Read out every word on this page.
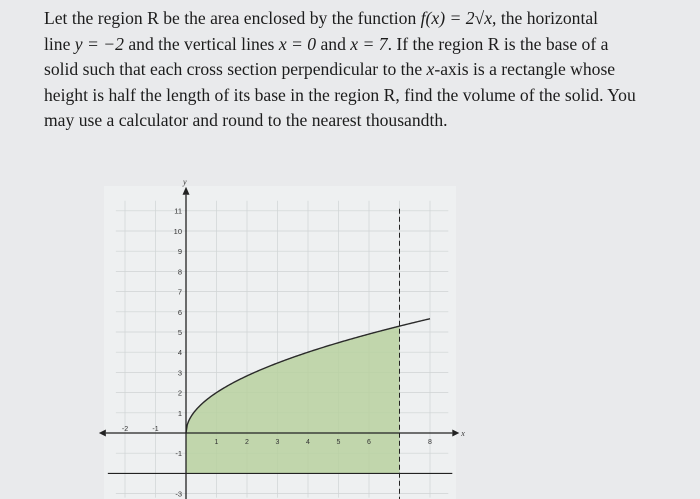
Let the region R be the area enclosed by the function f(x) = 2√x, the horizontal
line y = −2 and the vertical lines x = 0 and x = 7. If the region R is the base of a
solid such that each cross section perpendicular to the x-axis is a rectangle whose
height is half the length of its base in the region R, find the volume of the solid. You
may use a calculator and round to the nearest thousandth.
-2	-1
1	2	3	4	5	6	8
10
9
8
7
6
5
4
3
2
1
-1
-3
11
x
y
